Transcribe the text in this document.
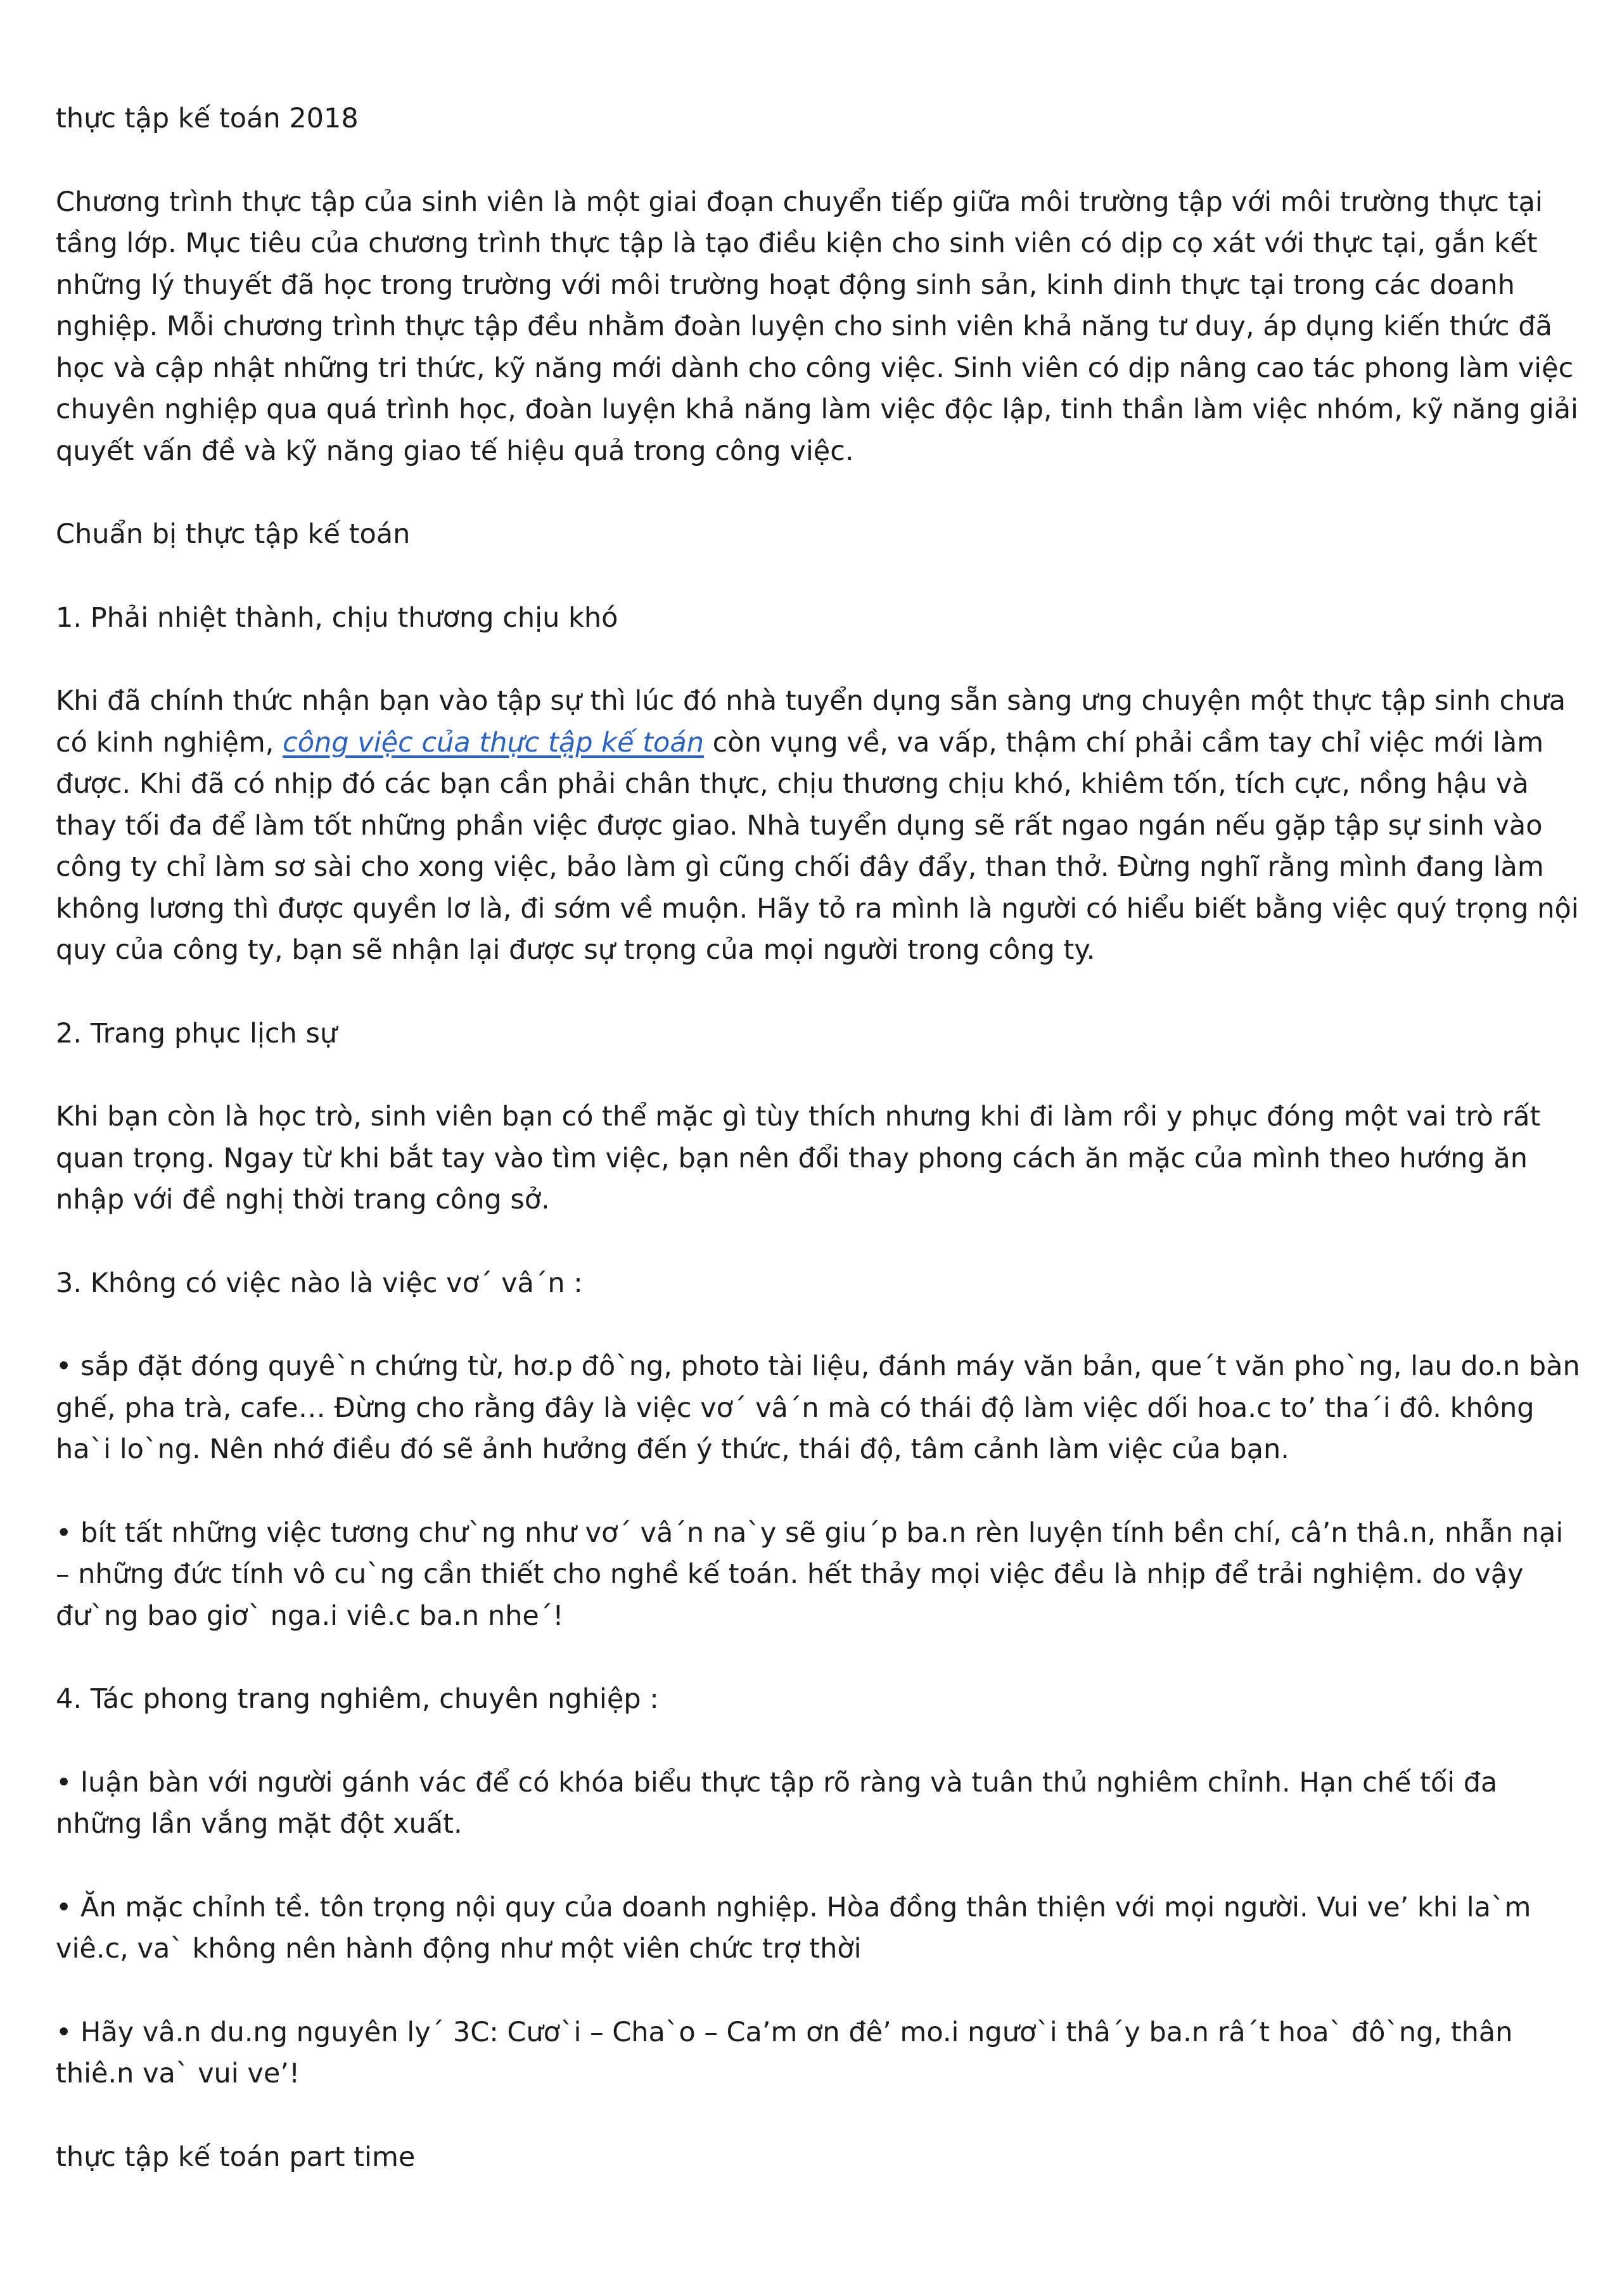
thực tập kế toán 2018

Chương trình thực tập của sinh viên là một giai đoạn chuyển tiếp giữa môi trường tập với môi trường thực tại tầng lớp. Mục tiêu của chương trình thực tập là tạo điều kiện cho sinh viên có dịp cọ xát với thực tại, gắn kết những lý thuyết đã học trong trường với môi trường hoạt động sinh sản, kinh dinh thực tại trong các doanh nghiệp. Mỗi chương trình thực tập đều nhằm đoàn luyện cho sinh viên khả năng tư duy, áp dụng kiến thức đã học và cập nhật những tri thức, kỹ năng mới dành cho công việc. Sinh viên có dịp nâng cao tác phong làm việc chuyên nghiệp qua quá trình học, đoàn luyện khả năng làm việc độc lập, tinh thần làm việc nhóm, kỹ năng giải quyết vấn đề và kỹ năng giao tế hiệu quả trong công việc.

Chuẩn bị thực tập kế toán

1. Phải nhiệt thành, chịu thương chịu khó

Khi đã chính thức nhận bạn vào tập sự thì lúc đó nhà tuyển dụng sẵn sàng ưng chuyện một thực tập sinh chưa có kinh nghiệm, công việc của thực tập kế toán còn vụng về, va vấp, thậm chí phải cầm tay chỉ việc mới làm được. Khi đã có nhịp đó các bạn cần phải chân thực, chịu thương chịu khó, khiêm tốn, tích cực, nồng hậu và thay tối đa để làm tốt những phần việc được giao. Nhà tuyển dụng sẽ rất ngao ngán nếu gặp tập sự sinh vào công ty chỉ làm sơ sài cho xong việc, bảo làm gì cũng chối đây đẩy, than thở. Đừng nghĩ rằng mình đang làm không lương thì được quyền lơ là, đi sớm về muộn. Hãy tỏ ra mình là người có hiểu biết bằng việc quý trọng nội quy của công ty, bạn sẽ nhận lại được sự trọng của mọi người trong công ty.

2. Trang phục lịch sự

Khi bạn còn là học trò, sinh viên bạn có thể mặc gì tùy thích nhưng khi đi làm rồi y phục đóng một vai trò rất quan trọng. Ngay từ khi bắt tay vào tìm việc, bạn nên đổi thay phong cách ăn mặc của mình theo hướng ăn nhập với đề nghị thời trang công sở.

3. Không có việc nào là việc vơ´ vâ´n :

• sắp đặt đóng quyê`n chứng từ, hơ.p đô`ng, photo tài liệu, đánh máy văn bản, que´t văn pho`ng, lau do.n bàn ghế, pha trà, cafe… Đừng cho rằng đây là việc vơ´ vâ´n mà có thái độ làm việc dối hoa.c to’ tha´i đô. không ha`i lo`ng. Nên nhớ điều đó sẽ ảnh hưởng đến ý thức, thái độ, tâm cảnh làm việc của bạn.

• bít tất những việc tương chư`ng như vơ´ vâ´n na`y sẽ giu´p ba.n rèn luyện tính bền chí, câ’n thâ.n, nhẫn nại – những đức tính vô cu`ng cần thiết cho nghề kế toán. hết thảy mọi việc đều là nhịp để trải nghiệm. do vậy đư`ng bao giơ` nga.i viê.c ba.n nhe´!

4. Tác phong trang nghiêm, chuyên nghiệp :

• luận bàn với người gánh vác để có khóa biểu thực tập rõ ràng và tuân thủ nghiêm chỉnh. Hạn chế tối đa những lần vắng mặt đột xuất.

• Ăn mặc chỉnh tề. tôn trọng nội quy của doanh nghiệp. Hòa đồng thân thiện với mọi người. Vui ve’ khi la`m viê.c, va` không nên hành động như một viên chức trợ thời

• Hãy vâ.n du.ng nguyên ly´ 3C: Cươ`i – Cha`o – Ca’m ơn đê’ mo.i ngươ`i thâ´y ba.n râ´t hoa` đô`ng, thân thiê.n va` vui ve’!

thực tập kế toán part time
